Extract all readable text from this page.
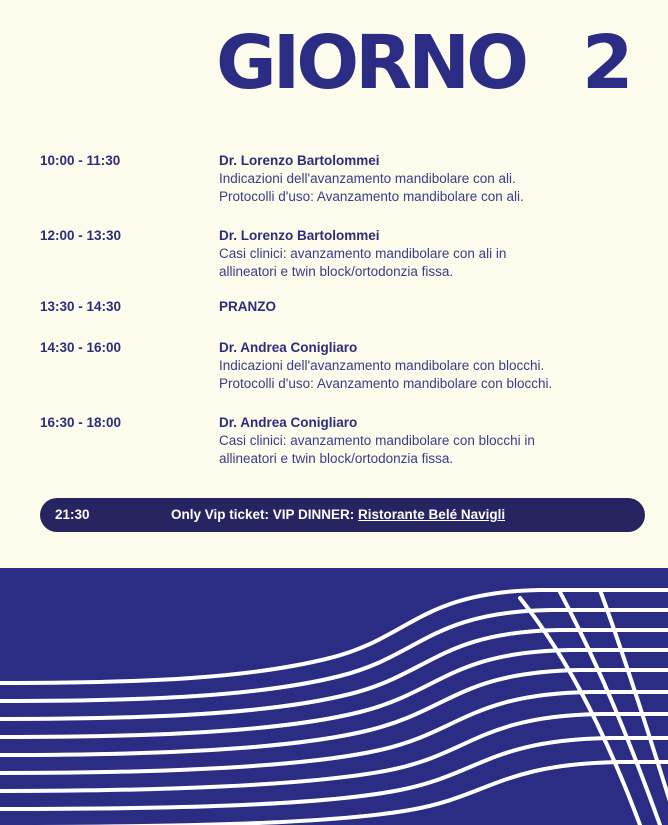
GIORNO 2
10:00 - 11:30	Dr. Lorenzo Bartolommei
Indicazioni dell'avanzamento mandibolare con ali.
Protocolli d'uso: Avanzamento mandibolare con ali.
12:00 - 13:30	Dr. Lorenzo Bartolommei
Casi clinici: avanzamento mandibolare con ali in
allineatori e twin block/ortodonzia fissa.
13:30 - 14:30	PRANZO
14:30 - 16:00	Dr. Andrea Conigliaro
Indicazioni dell'avanzamento mandibolare con blocchi.
Protocolli d'uso: Avanzamento mandibolare con blocchi.
16:30 - 18:00	Dr. Andrea Conigliaro
Casi clinici: avanzamento mandibolare con blocchi in
allineatori e twin block/ortodonzia fissa.
21:30	Only Vip ticket: VIP DINNER: Ristorante Belé Navigli
